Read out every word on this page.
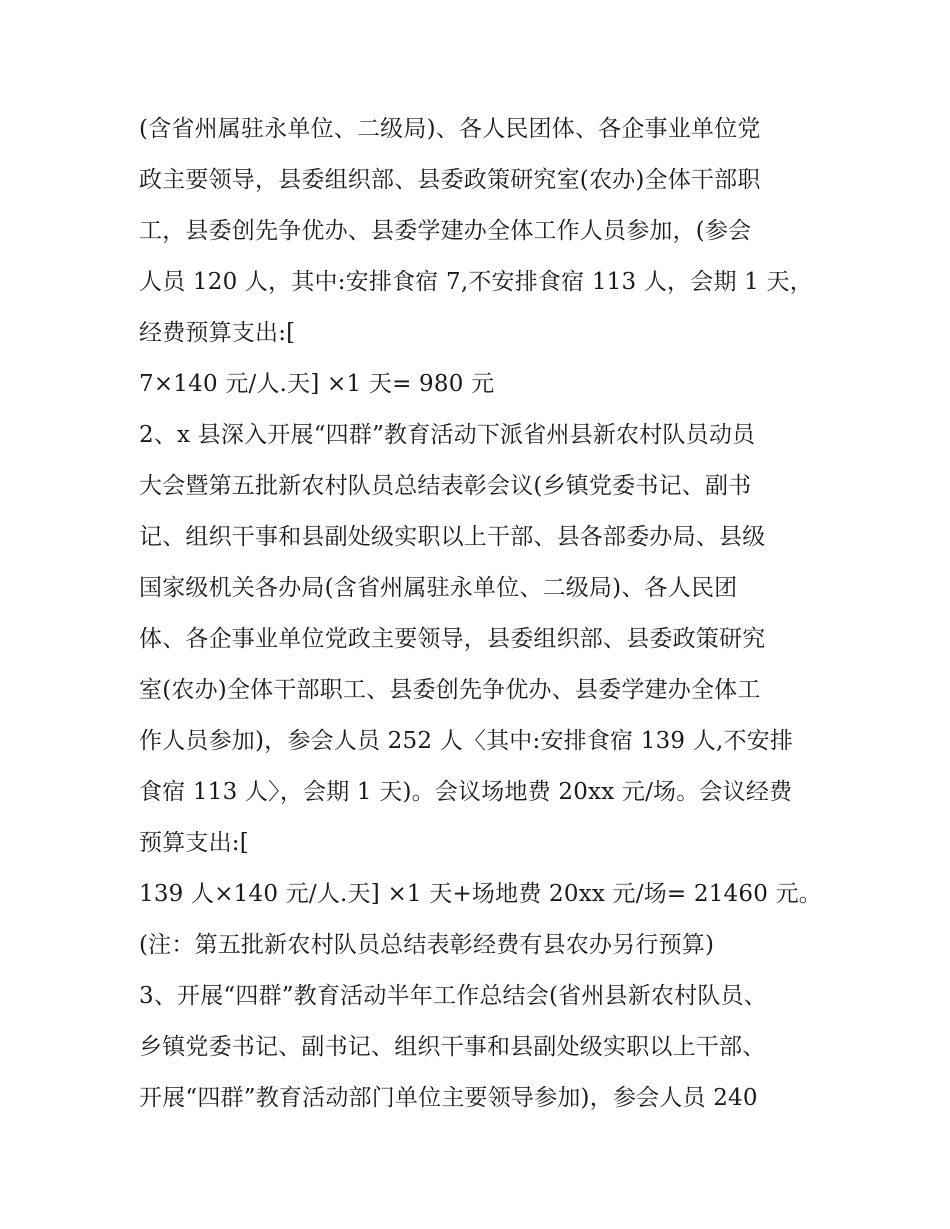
(含省州属驻永单位、二级局)、各人民团体、各企事业单位党
政主要领导，县委组织部、县委政策研究室(农办)全体干部职
工，县委创先争优办、县委学建办全体工作人员参加，(参会
人员 120 人，其中:安排食宿 7,不安排食宿 113 人，会期 1 天，
经费预算支出:[
7×140 元/人.天] ×1 天= 980 元
2、x 县深入开展“四群”教育活动下派省州县新农村队员动员
大会暨第五批新农村队员总结表彰会议(乡镇党委书记、副书
记、组织干事和县副处级实职以上干部、县各部委办局、县级
国家级机关各办局(含省州属驻永单位、二级局)、各人民团
体、各企事业单位党政主要领导，县委组织部、县委政策研究
室(农办)全体干部职工、县委创先争优办、县委学建办全体工
作人员参加)，参会人员 252 人〈其中:安排食宿 139 人,不安排
食宿 113 人〉，会期 1 天)。会议场地费 20xx 元/场。会议经费
预算支出:[
139 人×140 元/人.天] ×1 天+场地费 20xx 元/场= 21460 元。
(注：第五批新农村队员总结表彰经费有县农办另行预算)
3、开展“四群”教育活动半年工作总结会(省州县新农村队员、
乡镇党委书记、副书记、组织干事和县副处级实职以上干部、
开展“四群”教育活动部门单位主要领导参加)，参会人员 240
